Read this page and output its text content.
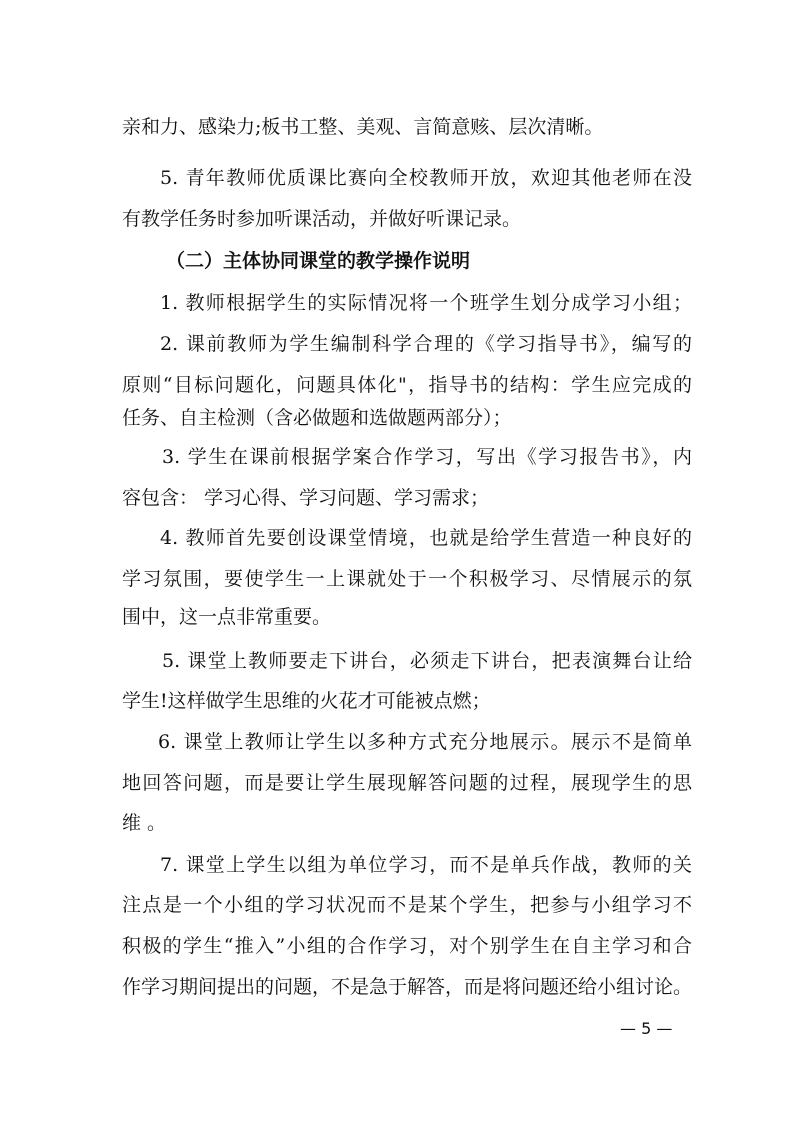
亲和力、感染力;板书工整、美观、言简意赅、层次清晰。
5. 青年教师优质课比赛向全校教师开放，欢迎其他老师在没
有教学任务时参加听课活动，并做好听课记录。
（二）主体协同课堂的教学操作说明
1. 教师根据学生的实际情况将一个班学生划分成学习小组；
2. 课前教师为学生编制科学合理的《学习指导书》，编写的
原则“目标问题化，问题具体化"，指导书的结构：学生应完成的
任务、自主检测（含必做题和选做题两部分）；
3. 学生在课前根据学案合作学习，写出《学习报告书》，内
容包含： 学习心得、学习问题、学习需求；
4. 教师首先要创设课堂情境，也就是给学生营造一种良好的
学习氛围，要使学生一上课就处于一个积极学习、尽情展示的氛
围中，这一点非常重要。
5. 课堂上教师要走下讲台，必须走下讲台，把表演舞台让给
学生!这样做学生思维的火花才可能被点燃；
6. 课堂上教师让学生以多种方式充分地展示。展示不是简单
地回答问题，而是要让学生展现解答问题的过程，展现学生的思
维 。
7. 课堂上学生以组为单位学习，而不是单兵作战，教师的关
注点是一个小组的学习状况而不是某个学生，把参与小组学习不
积极的学生“推入”小组的合作学习，对个别学生在自主学习和合
作学习期间提出的问题，不是急于解答，而是将问题还给小组讨论。
— 5 —
